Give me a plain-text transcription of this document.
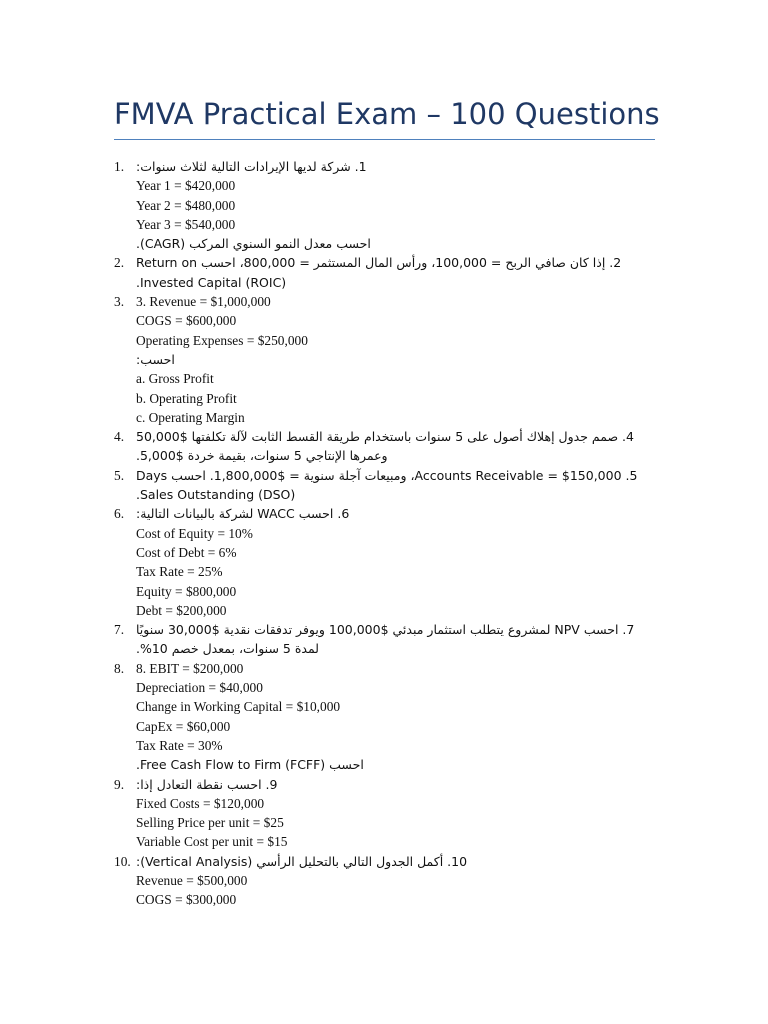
FMVA Practical Exam – 100 Questions
1. 1. شركة لديها الإيرادات التالية لثلاث سنوات:
Year 1 = $420,000
Year 2 = $480,000
Year 3 = $540,000
احسب معدل النمو السنوي المركب (CAGR).
2. 2. إذا كان صافي الربح = 100,000، ورأس المال المستثمر = 800,000، احسب Return on Invested Capital (ROIC).
3. 3. Revenue = $1,000,000
COGS = $600,000
Operating Expenses = $250,000
احسب:
a. Gross Profit
b. Operating Profit
c. Operating Margin
4. 4. صمم جدول إهلاك أصول على 5 سنوات باستخدام طريقة القسط الثابت لآلة تكلفتها $50,000 وعمرها الإنتاجي 5 سنوات، بقيمة خردة $5,000.
5. 5. Accounts Receivable = $150,000، ومبيعات آجلة سنوية = $1,800,000. احسب Days Sales Outstanding (DSO).
6. 6. احسب WACC لشركة بالبيانات التالية:
Cost of Equity = 10%
Cost of Debt = 6%
Tax Rate = 25%
Equity = $800,000
Debt = $200,000
7. 7. احسب NPV لمشروع يتطلب استثمار مبدئي $100,000 ويوفر تدفقات نقدية $30,000 سنويًا لمدة 5 سنوات، بمعدل خصم 10%.
8. 8. EBIT = $200,000
Depreciation = $40,000
Change in Working Capital = $10,000
CapEx = $60,000
Tax Rate = 30%
احسب Free Cash Flow to Firm (FCFF).
9. 9. احسب نقطة التعادل إذا:
Fixed Costs = $120,000
Selling Price per unit = $25
Variable Cost per unit = $15
10. 10. أكمل الجدول التالي بالتحليل الرأسي (Vertical Analysis):
Revenue = $500,000
COGS = $300,000
